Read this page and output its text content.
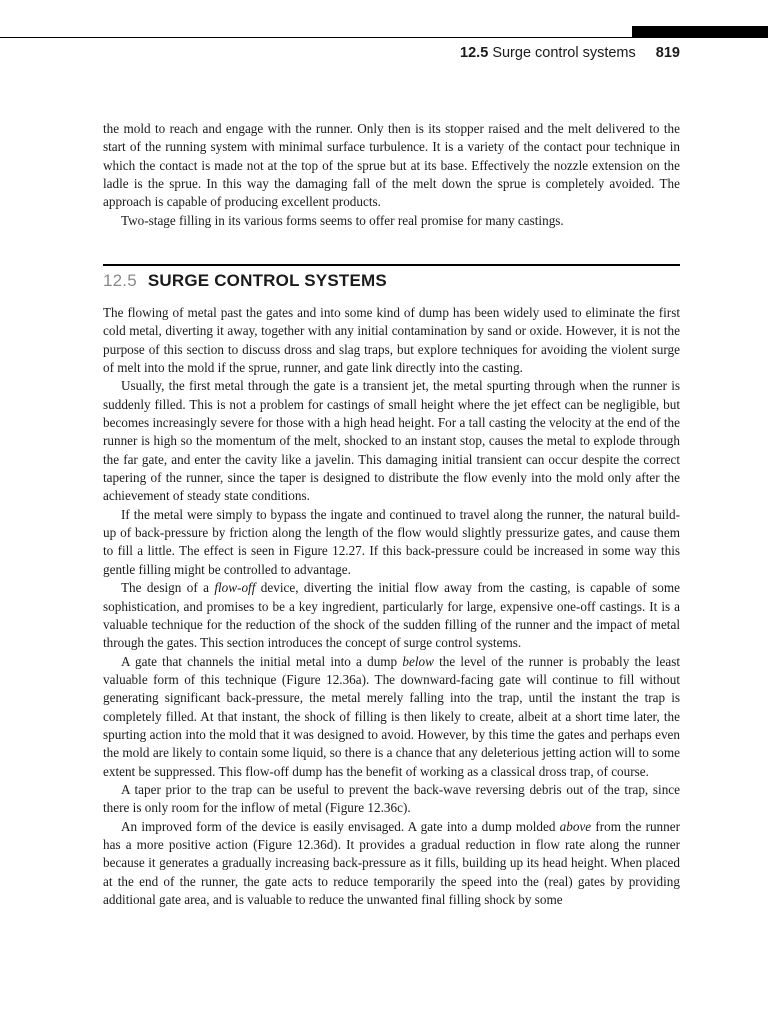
12.5 Surge control systems 819

the mold to reach and engage with the runner. Only then is its stopper raised and the melt delivered to the start of the running system with minimal surface turbulence. It is a variety of the contact pour technique in which the contact is made not at the top of the sprue but at its base. Effectively the nozzle extension on the ladle is the sprue. In this way the damaging fall of the melt down the sprue is completely avoided. The approach is capable of producing excellent products.

Two-stage filling in its various forms seems to offer real promise for many castings.

12.5 SURGE CONTROL SYSTEMS

The flowing of metal past the gates and into some kind of dump has been widely used to eliminate the first cold metal, diverting it away, together with any initial contamination by sand or oxide. However, it is not the purpose of this section to discuss dross and slag traps, but explore techniques for avoiding the violent surge of melt into the mold if the sprue, runner, and gate link directly into the casting.

Usually, the first metal through the gate is a transient jet, the metal spurting through when the runner is suddenly filled. This is not a problem for castings of small height where the jet effect can be negligible, but becomes increasingly severe for those with a high head height. For a tall casting the velocity at the end of the runner is high so the momentum of the melt, shocked to an instant stop, causes the metal to explode through the far gate, and enter the cavity like a javelin. This damaging initial transient can occur despite the correct tapering of the runner, since the taper is designed to distribute the flow evenly into the mold only after the achievement of steady state conditions.

If the metal were simply to bypass the ingate and continued to travel along the runner, the natural build-up of back-pressure by friction along the length of the flow would slightly pressurize gates, and cause them to fill a little. The effect is seen in Figure 12.27. If this back-pressure could be increased in some way this gentle filling might be controlled to advantage.

The design of a flow-off device, diverting the initial flow away from the casting, is capable of some sophistication, and promises to be a key ingredient, particularly for large, expensive one-off castings. It is a valuable technique for the reduction of the shock of the sudden filling of the runner and the impact of metal through the gates. This section introduces the concept of surge control systems.

A gate that channels the initial metal into a dump below the level of the runner is probably the least valuable form of this technique (Figure 12.36a). The downward-facing gate will continue to fill without generating significant back-pressure, the metal merely falling into the trap, until the instant the trap is completely filled. At that instant, the shock of filling is then likely to create, albeit at a short time later, the spurting action into the mold that it was designed to avoid. However, by this time the gates and perhaps even the mold are likely to contain some liquid, so there is a chance that any deleterious jetting action will to some extent be suppressed. This flow-off dump has the benefit of working as a classical dross trap, of course.

A taper prior to the trap can be useful to prevent the back-wave reversing debris out of the trap, since there is only room for the inflow of metal (Figure 12.36c).

An improved form of the device is easily envisaged. A gate into a dump molded above from the runner has a more positive action (Figure 12.36d). It provides a gradual reduction in flow rate along the runner because it generates a gradually increasing back-pressure as it fills, building up its head height. When placed at the end of the runner, the gate acts to reduce temporarily the speed into the (real) gates by providing additional gate area, and is valuable to reduce the unwanted final filling shock by some
